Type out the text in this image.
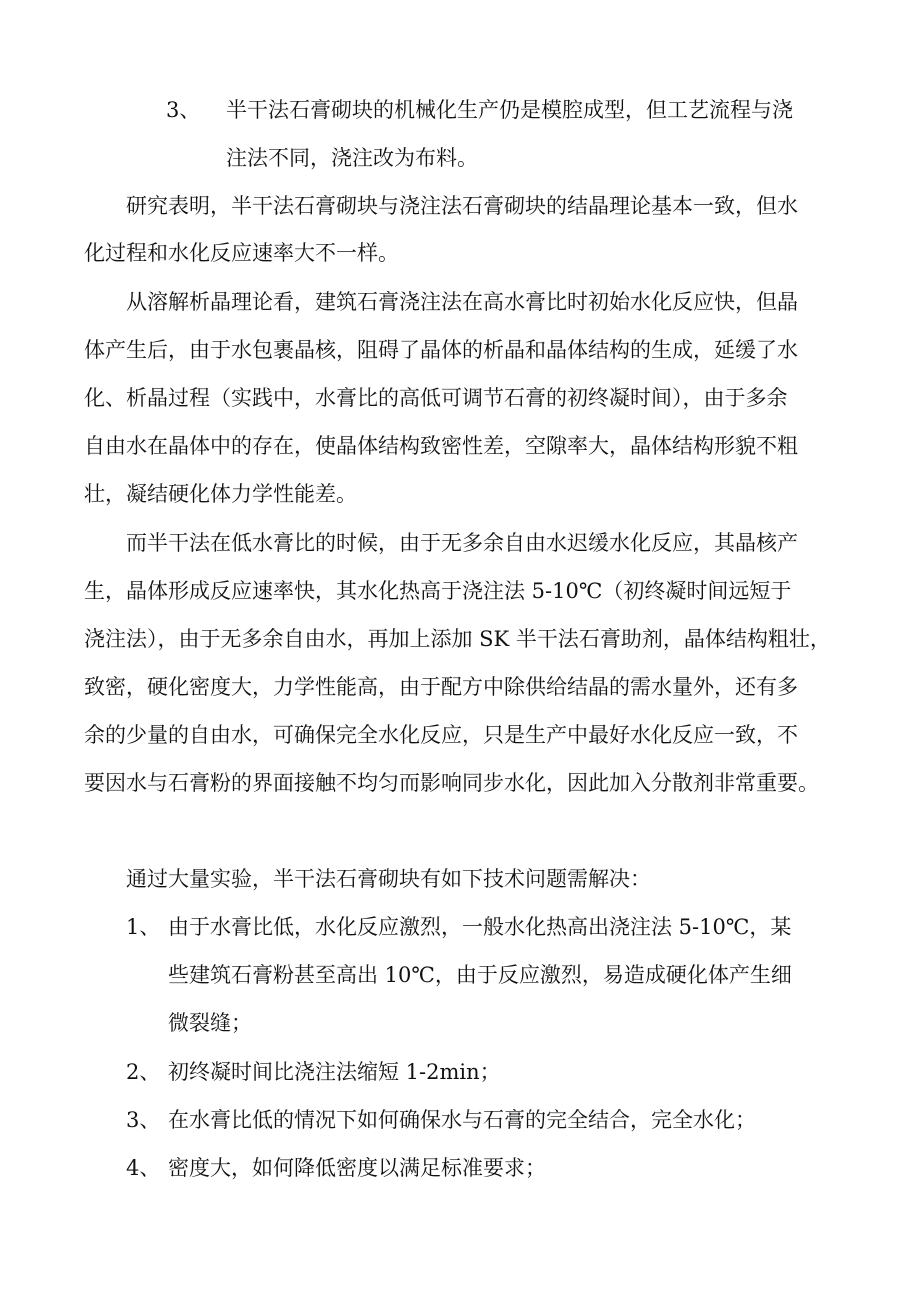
3、 半干法石膏砌块的机械化生产仍是模腔成型，但工艺流程与浇
注法不同，浇注改为布料。
研究表明，半干法石膏砌块与浇注法石膏砌块的结晶理论基本一致，但水
化过程和水化反应速率大不一样。
从溶解析晶理论看，建筑石膏浇注法在高水膏比时初始水化反应快，但晶
体产生后，由于水包裹晶核，阻碍了晶体的析晶和晶体结构的生成，延缓了水
化、析晶过程（实践中，水膏比的高低可调节石膏的初终凝时间），由于多余
自由水在晶体中的存在，使晶体结构致密性差，空隙率大，晶体结构形貌不粗
壮，凝结硬化体力学性能差。
而半干法在低水膏比的时候，由于无多余自由水迟缓水化反应，其晶核产
生，晶体形成反应速率快，其水化热高于浇注法 5-10℃（初终凝时间远短于
浇注法），由于无多余自由水，再加上添加 SK 半干法石膏助剂，晶体结构粗壮，
致密，硬化密度大，力学性能高，由于配方中除供给结晶的需水量外，还有多
余的少量的自由水，可确保完全水化反应，只是生产中最好水化反应一致，不
要因水与石膏粉的界面接触不均匀而影响同步水化，因此加入分散剂非常重要。
通过大量实验，半干法石膏砌块有如下技术问题需解决：
1、 由于水膏比低，水化反应激烈，一般水化热高出浇注法 5-10℃，某
些建筑石膏粉甚至高出 10℃，由于反应激烈，易造成硬化体产生细
微裂缝；
2、 初终凝时间比浇注法缩短 1-2min；
3、 在水膏比低的情况下如何确保水与石膏的完全结合，完全水化；
4、 密度大，如何降低密度以满足标准要求；
